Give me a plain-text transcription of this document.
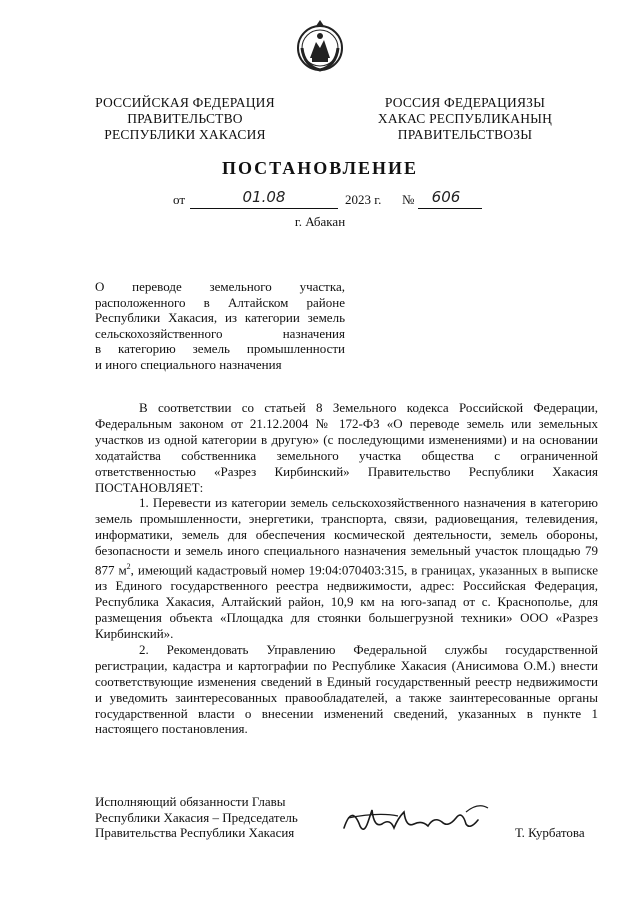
РОССИЙСКАЯ ФЕДЕРАЦИЯ
ПРАВИТЕЛЬСТВО
РЕСПУБЛИКИ ХАКАСИЯ
РОССИЯ ФЕДЕРАЦИЯЗЫ
ХАКАС РЕСПУБЛИКАНЫҢ
ПРАВИТЕЛЬСТВОЗЫ
ПОСТАНОВЛЕНИЕ
от	01.08	2023 г. №	606
г. Абакан
О переводе земельного участка,
расположенного в Алтайском районе
Республики Хакасия, из категории земель
сельскохозяйственного назначения
в категорию земель промышленности
и иного специального назначения

В соответствии со статьей 8 Земельного кодекса Российской Федерации, Федеральным законом от 21.12.2004 № 172-ФЗ «О переводе земель или земельных участков из одной категории в другую» (с последующими изменениями) и на основании ходатайства собственника земельного участка общества с ограниченной ответственностью «Разрез Кирбинский» Правительство Республики Хакасия ПОСТАНОВЛЯЕТ:

1. Перевести из категории земель сельскохозяйственного назначения в категорию земель промышленности, энергетики, транспорта, связи, радиовещания, телевидения, информатики, земель для обеспечения космической деятельности, земель обороны, безопасности и земель иного специального назначения земельный участок площадью 79 877 $м^2$, имеющий кадастровый номер 19:04:070403:315, в границах, указанных в выписке из Единого государственного реестра недвижимости, адрес: Российская Федерация, Республика Хакасия, Алтайский район, 10,9 км на юго-запад от с. Краснополье, для размещения объекта «Площадка для стоянки большегрузной техники» ООО «Разрез Кирбинский».

2. Рекомендовать Управлению Федеральной службы государственной регистрации, кадастра и картографии по Республике Хакасия (Анисимова О.М.) внести соответствующие изменения сведений в Единый государственный реестр недвижимости и уведомить заинтересованных правообладателей, а также заинтересованные органы государственной власти о внесении изменений сведений, указанных в пункте 1 настоящего постановления.

Исполняющий обязанности Главы
Республики Хакасия – Председатель
Правительства Республики Хакасия	Т. Курбатова
